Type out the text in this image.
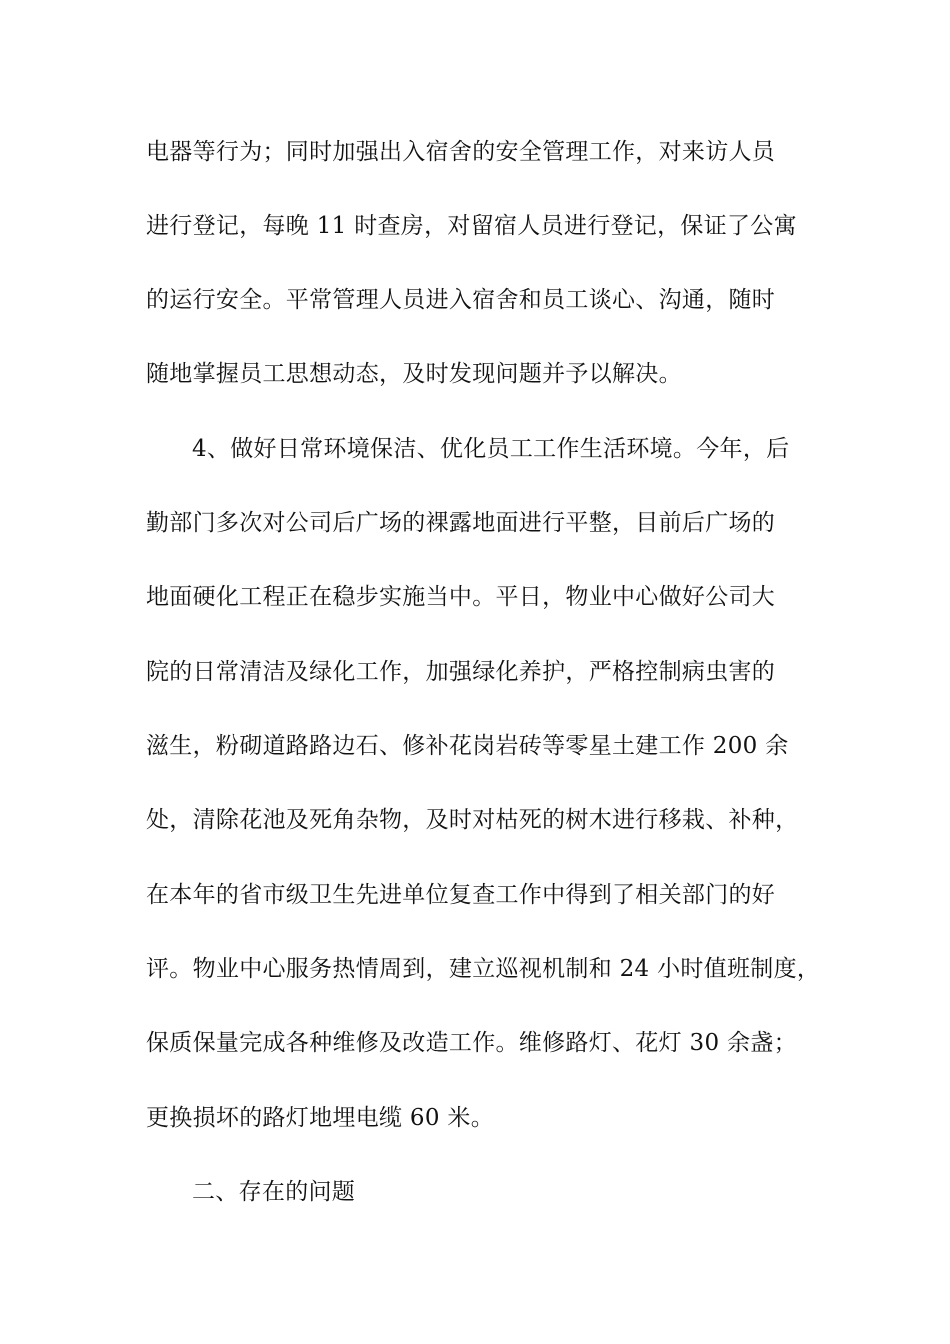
电器等行为；同时加强出入宿舍的安全管理工作，对来访人员
进行登记，每晚 11 时查房，对留宿人员进行登记，保证了公寓
的运行安全。平常管理人员进入宿舍和员工谈心、沟通，随时
随地掌握员工思想动态，及时发现问题并予以解决。
4、做好日常环境保洁、优化员工工作生活环境。今年，后
勤部门多次对公司后广场的裸露地面进行平整，目前后广场的
地面硬化工程正在稳步实施当中。平日，物业中心做好公司大
院的日常清洁及绿化工作，加强绿化养护，严格控制病虫害的
滋生，粉砌道路路边石、修补花岗岩砖等零星土建工作 200 余
处，清除花池及死角杂物，及时对枯死的树木进行移栽、补种，
在本年的省市级卫生先进单位复查工作中得到了相关部门的好
评。物业中心服务热情周到，建立巡视机制和 24 小时值班制度，
保质保量完成各种维修及改造工作。维修路灯、花灯 30 余盏；
更换损坏的路灯地埋电缆 60 米。
二、存在的问题
